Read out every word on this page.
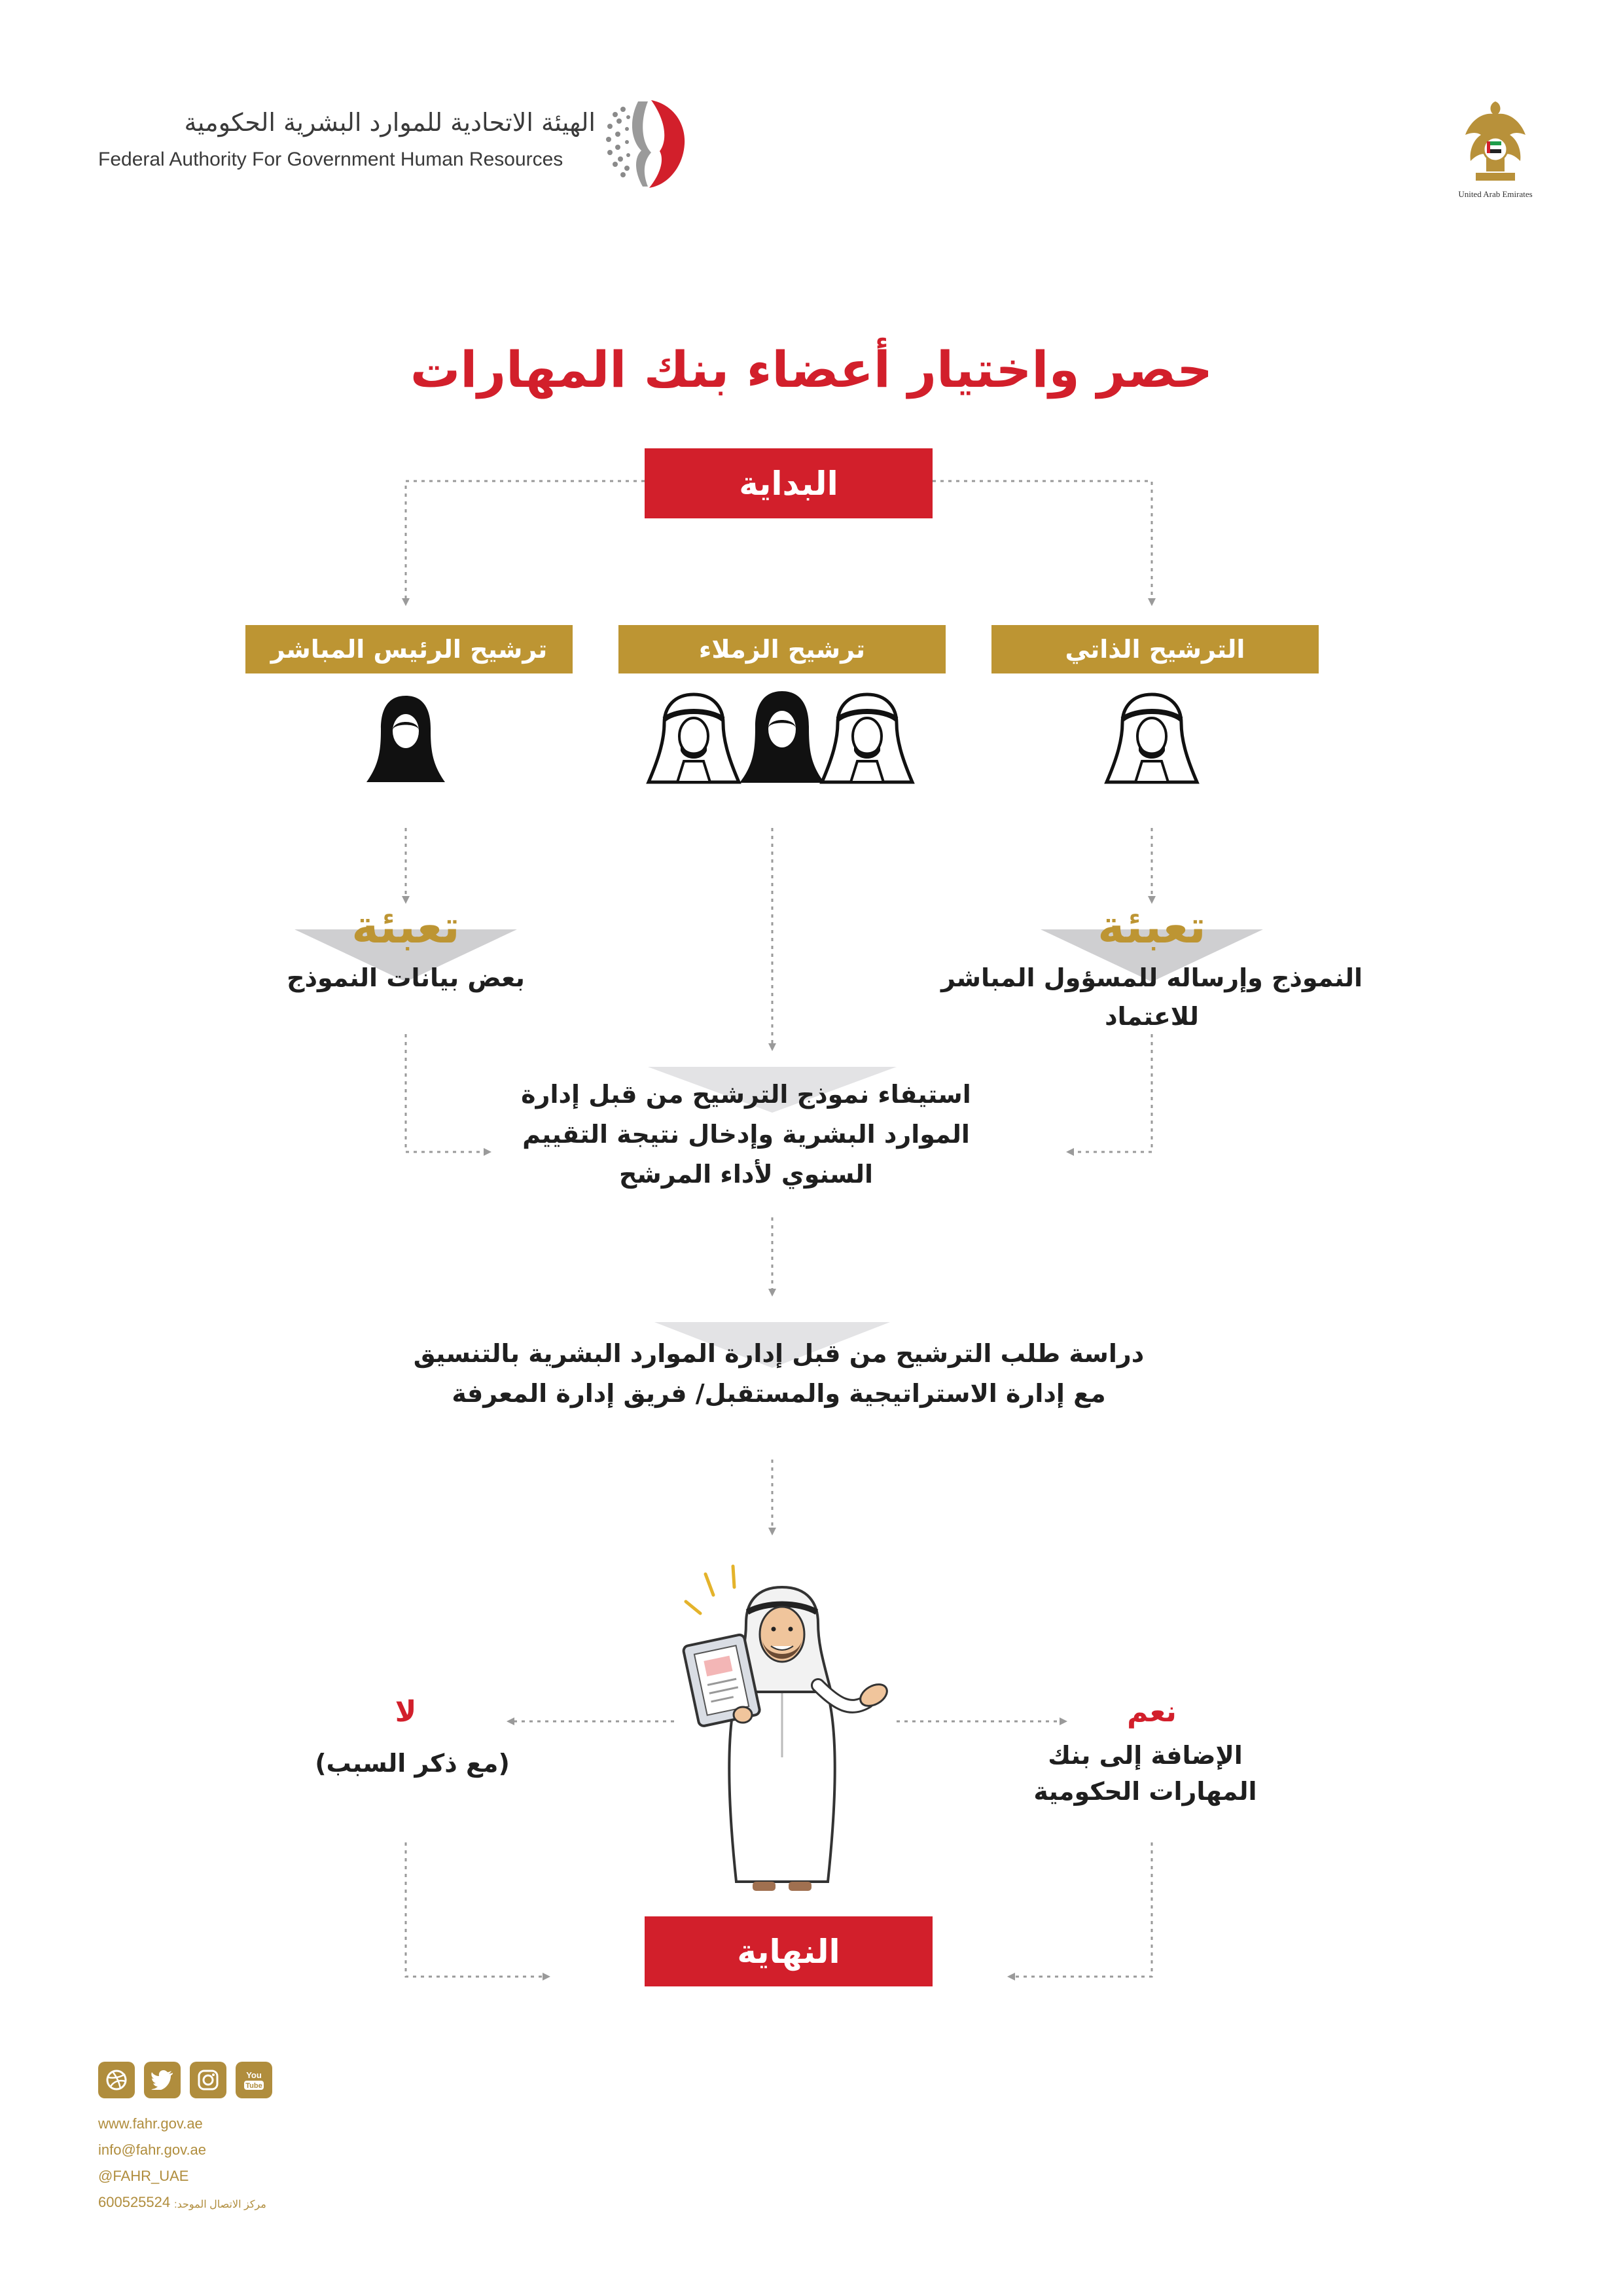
الهيئة الاتحادية للموارد البشرية الحكومية
Federal Authority For Government Human Resources
United Arab Emirates
حصر واختيار أعضاء بنك المهارات
البداية
ترشيح الرئيس المباشر	ترشيح الزملاء	الترشيح الذاتي
تعبئة
بعض بيانات النموذج
تعبئة
النموذج وإرساله للمسؤول المباشر للاعتماد
استيفاء نموذج الترشيح من قبل إدارة
الموارد البشرية وإدخال نتيجة التقييم
السنوي لأداء المرشح
دراسة طلب الترشيح من قبل إدارة الموارد البشرية بالتنسيق
مع إدارة الاستراتيجية والمستقبل/ فريق إدارة المعرفة
لا
(مع ذكر السبب)
نعم
الإضافة إلى بنك
المهارات الحكومية
النهاية
You
Tube
www.fahr.gov.ae
info@fahr.gov.ae
@FAHR_UAE
600525524 مركز الاتصال الموحد:
